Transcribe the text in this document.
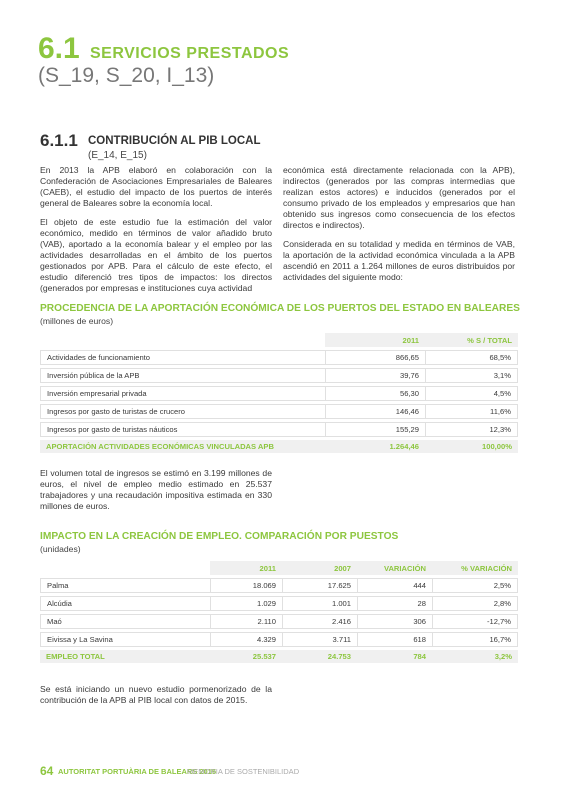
6.1 SERVICIOS PRESTADOS
(S_19, S_20, I_13)
6.1.1 CONTRIBUCIÓN AL PIB LOCAL
(E_14, E_15)

En 2013 la APB elaboró en colaboración con la Confederación de Asociaciones Empresariales de Baleares (CAEB), el estudio del impacto de los puertos de interés general de Baleares sobre la economía local.

El objeto de este estudio fue la estimación del valor económico, medido en términos de valor añadido bruto (VAB), aportado a la economía balear y el empleo por las actividades desarrolladas en el ámbito de los puertos gestionados por APB. Para el cálculo de este efecto, el estudio diferenció tres tipos de impactos: los directos (generados por empresas e instituciones cuya actividad

económica está directamente relacionada con la APB), indirectos (generados por las compras intermedias que realizan estos actores) e inducidos (generados por el consumo privado de los empleados y empresarios que han obtenido sus ingresos como consecuencia de los efectos directos e indirectos).

Considerada en su totalidad y medida en términos de VAB, la aportación de la actividad económica vinculada a la APB ascendió en 2011 a 1.264 millones de euros distribuidos por actividades del siguiente modo:

PROCEDENCIA DE LA APORTACIÓN ECONÓMICA DE LOS PUERTOS DEL ESTADO EN BALEARES
(millones de euros)
	2011	% S / TOTAL
Actividades de funcionamiento	866,65	68,5%
Inversión pública de la APB	39,76	3,1%
Inversión empresarial privada	56,30	4,5%
Ingresos por gasto de turistas de crucero	146,46	11,6%
Ingresos por gasto de turistas náuticos	155,29	12,3%
APORTACIÓN ACTIVIDADES ECONÓMICAS VINCULADAS APB	1.264,46	100,00%
El volumen total de ingresos se estimó en 3.199 millones de euros, el nivel de empleo medio estimado en 25.537 trabajadores y una recaudación impositiva estimada en 330 millones de euros.
IMPACTO EN LA CREACIÓN DE EMPLEO. COMPARACIÓN POR PUESTOS
(unidades)
	2011	2007	VARIACIÓN	% VARIACIÓN
Palma	18.069	17.625	444	2,5%
Alcúdia	1.029	1.001	28	2,8%
Maó	2.110	2.416	306	-12,7%
Eivissa y La Savina	4.329	3.711	618	16,7%
EMPLEO TOTAL	25.537	24.753	784	3,2%
Se está iniciando un nuevo estudio pormenorizado de la contribución de la APB al PIB local con datos de 2015.
64 AUTORITAT PORTUÀRIA DE BALEARS 2015
MEMORIA DE SOSTENIBILIDAD
